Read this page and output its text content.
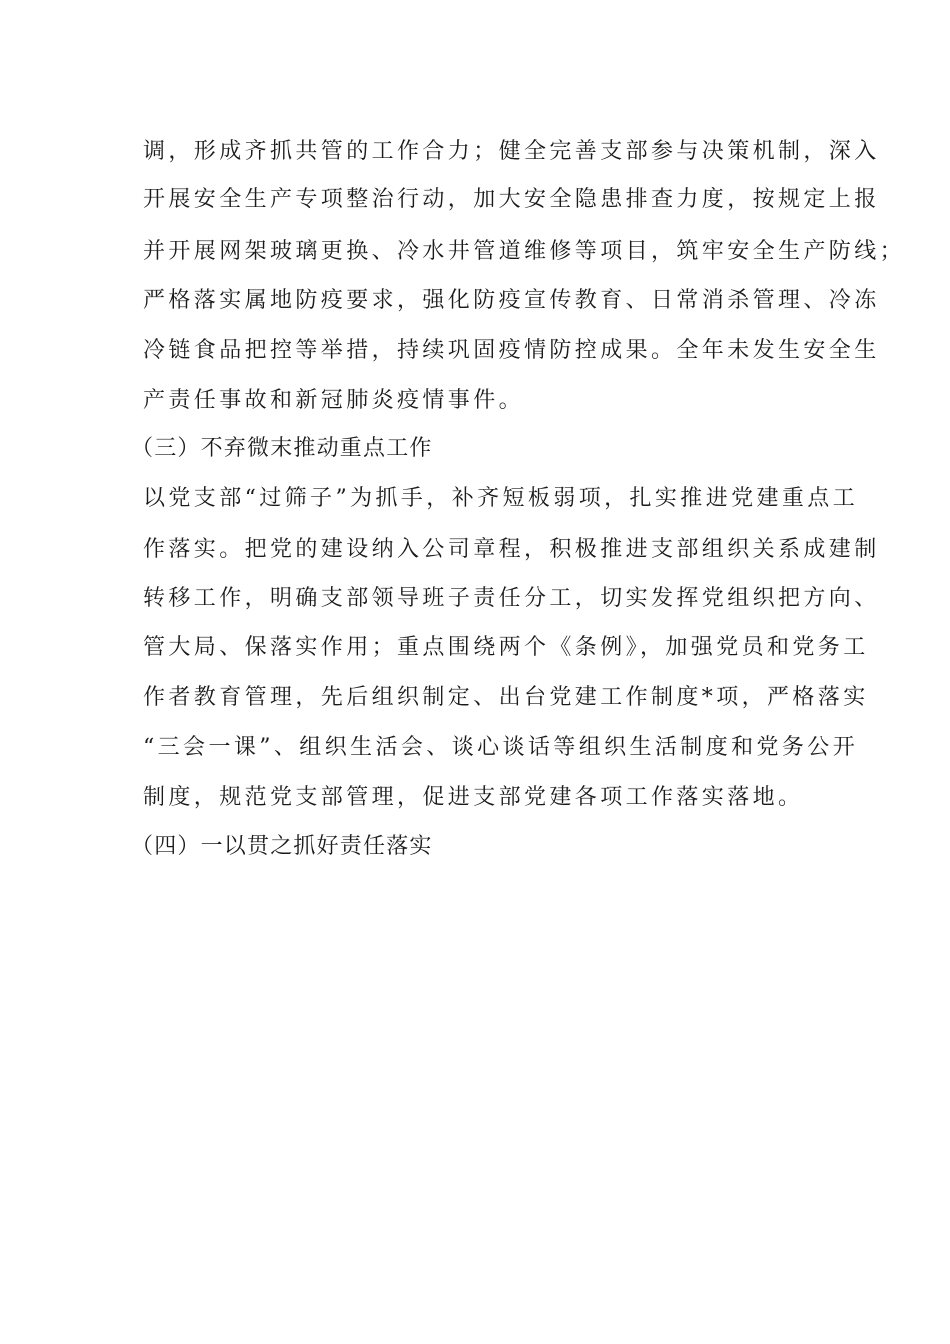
调，形成齐抓共管的工作合力；健全完善支部参与决策机制，深入
开展安全生产专项整治行动，加大安全隐患排查力度，按规定上报
并开展网架玻璃更换、冷水井管道维修等项目，筑牢安全生产防线；
严格落实属地防疫要求，强化防疫宣传教育、日常消杀管理、冷冻
冷链食品把控等举措，持续巩固疫情防控成果。全年未发生安全生
产责任事故和新冠肺炎疫情事件。
（三）不弃微末推动重点工作
以党支部“过筛子”为抓手，补齐短板弱项，扎实推进党建重点工
作落实。把党的建设纳入公司章程，积极推进支部组织关系成建制
转移工作，明确支部领导班子责任分工，切实发挥党组织把方向、
管大局、保落实作用；重点围绕两个《条例》，加强党员和党务工
作者教育管理，先后组织制定、出台党建工作制度*项，严格落实
“三会一课”、组织生活会、谈心谈话等组织生活制度和党务公开
制度，规范党支部管理，促进支部党建各项工作落实落地。
（四）一以贯之抓好责任落实
